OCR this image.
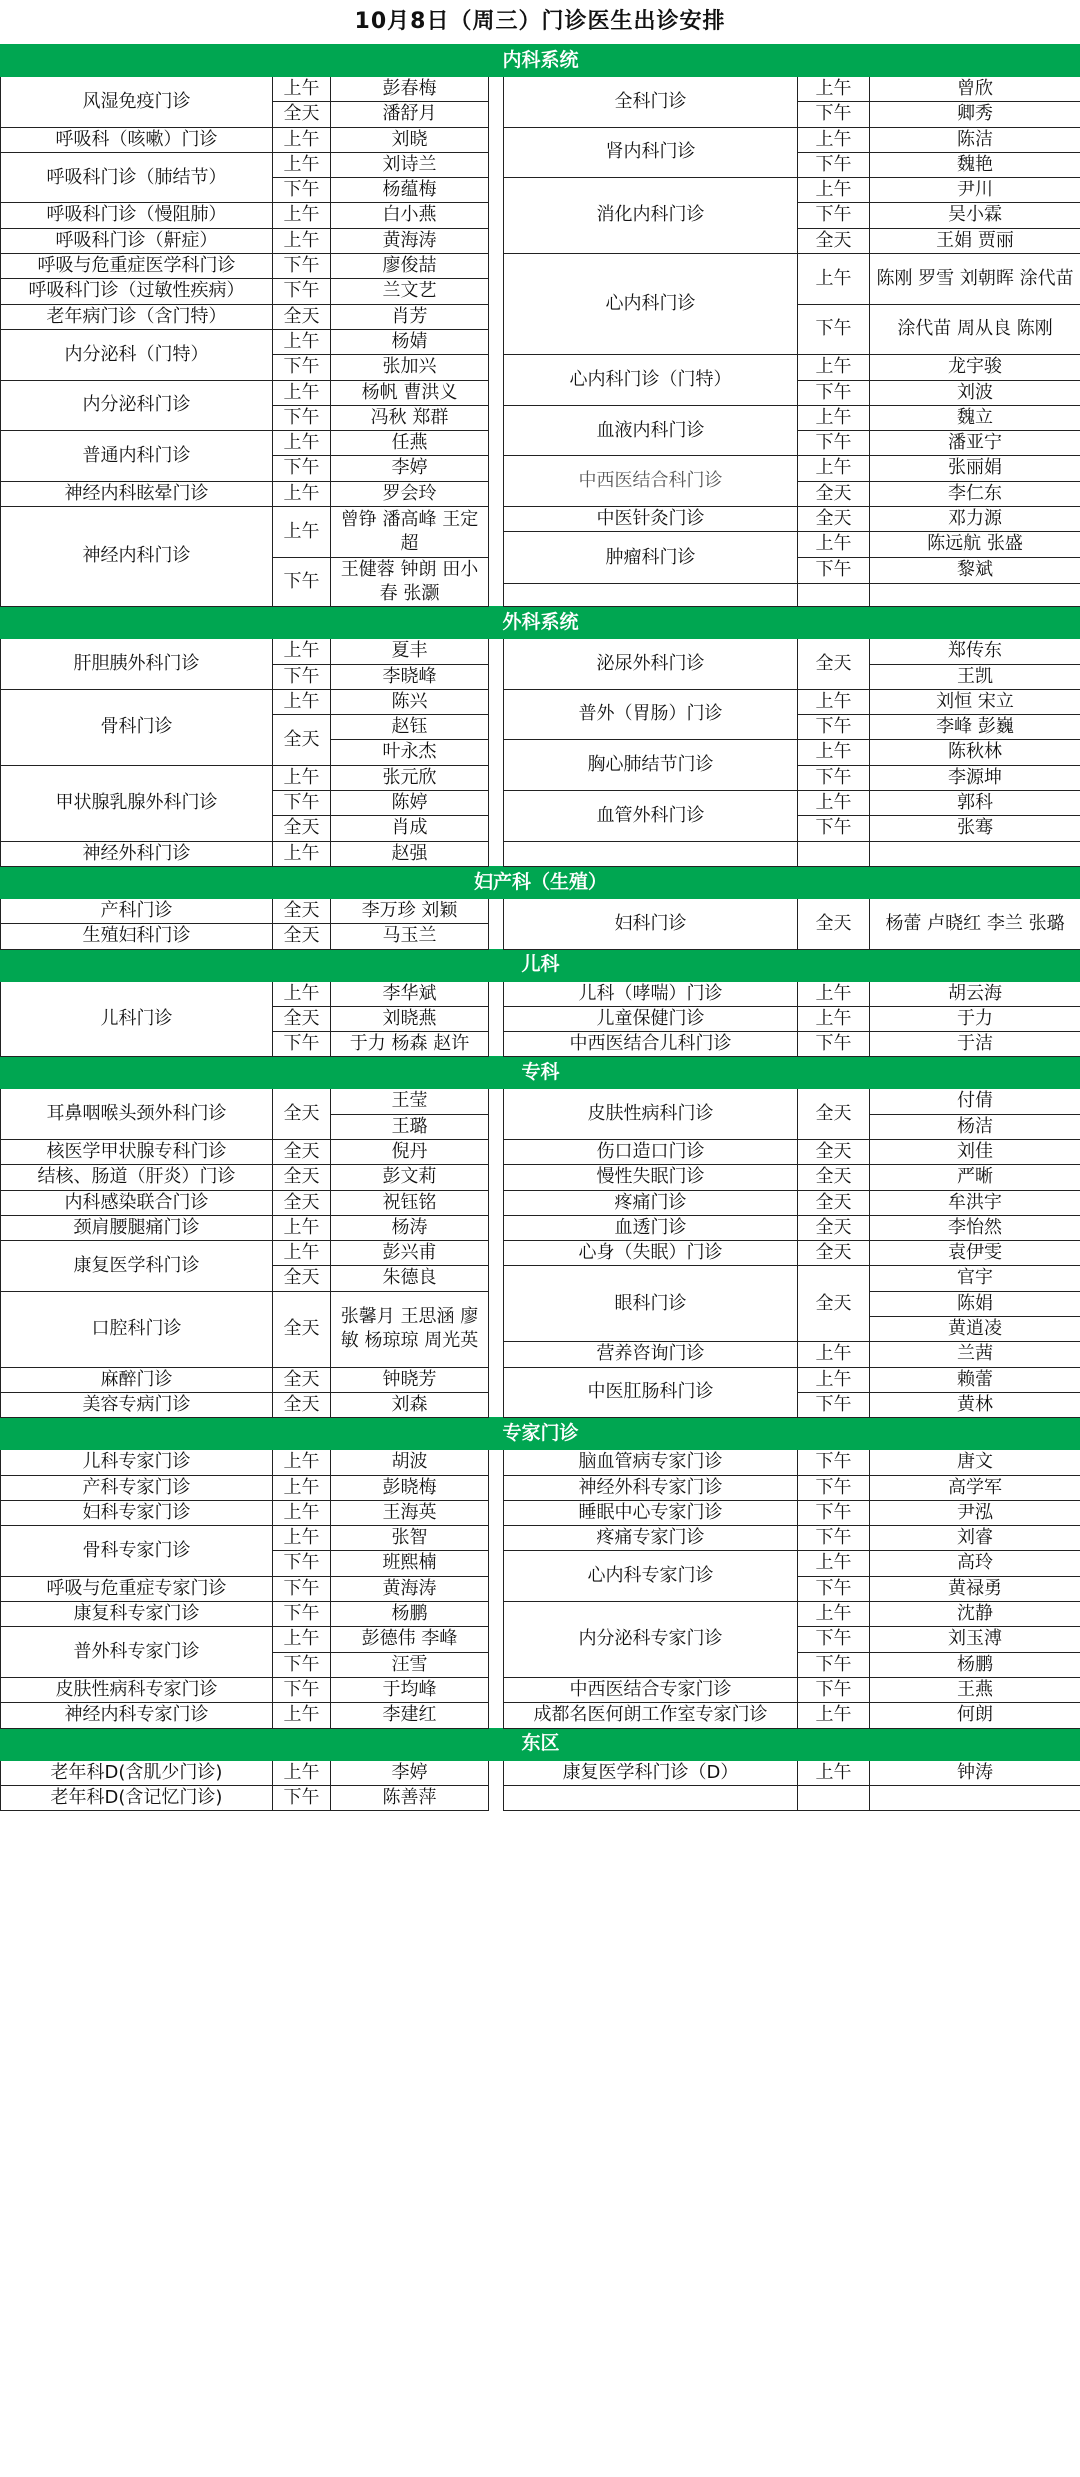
10月8日（周三）门诊医生出诊安排
内科系统						
风湿免疫门诊	上午	彭春梅		全科门诊	上午	曾欣
	全天	潘舒月			下午	卿秀
呼吸科（咳嗽）门诊	上午	刘晓		肾内科门诊	上午	陈洁
呼吸科门诊（肺结节）	上午	刘诗兰			下午	魏艳
	下午	杨蕴梅		消化内科门诊	上午	尹川
呼吸科门诊（慢阻肺）	上午	白小燕			下午	吴小霖
呼吸科门诊（鼾症）	上午	黄海涛			全天	王娟 贾丽
呼吸与危重症医学科门诊	下午	廖俊喆		心内科门诊	上午	陈刚 罗雪 刘朝晖 涂代苗
呼吸科门诊（过敏性疾病）	下午	兰文艺				
老年病门诊（含门特）	全天	肖芳			下午	涂代苗 周从良 陈刚
内分泌科（门特）	上午	杨婧				
	下午	张加兴		心内科门诊（门特）	上午	龙宇骏
内分泌科门诊	上午	杨帆 曹洪义			下午	刘波
	下午	冯秋 郑群		血液内科门诊	上午	魏立
普通内科门诊	上午	任燕			下午	潘亚宁
	下午	李婷		中西医结合科门诊	上午	张丽娟
神经内科眩晕门诊	上午	罗会玲			全天	李仁东
神经内科门诊	上午	曾铮 潘高峰 王定超		中医针灸门诊	全天	邓力源
				肿瘤科门诊	上午	陈远航 张盛
	下午	王健蓉 钟朗 田小春 张灏			下午	黎斌

外科系统						
肝胆胰外科门诊	上午	夏丰		泌尿外科门诊	全天	郑传东
	下午	李晓峰				王凯
骨科门诊	上午	陈兴		普外（胃肠）门诊	上午	刘恒 宋立
	全天	赵钰			下午	李峰 彭巍
		叶永杰		胸心肺结节门诊	上午	陈秋林
甲状腺乳腺外科门诊	上午	张元欣			下午	李源坤
	下午	陈婷		血管外科门诊	上午	郭科
	全天	肖成			下午	张骞
神经外科门诊	上午	赵强				
妇产科（生殖）						
产科门诊	全天	李万珍 刘颖		妇科门诊	全天	杨蕾 卢晓红 李兰 张璐
生殖妇科门诊	全天	马玉兰				
儿科						
儿科门诊	上午	李华斌		儿科（哮喘）门诊	上午	胡云海
	全天	刘晓燕		儿童保健门诊	上午	于力
	下午	于力 杨森 赵许		中西医结合儿科门诊	下午	于洁
专科						
耳鼻咽喉头颈外科门诊	全天	王莹		皮肤性病科门诊	全天	付倩
		王璐				杨洁
核医学甲状腺专科门诊	全天	倪丹		伤口造口门诊	全天	刘佳
结核、肠道（肝炎）门诊	全天	彭文莉		慢性失眠门诊	全天	严晰
内科感染联合门诊	全天	祝钰铭		疼痛门诊	全天	牟洪宇
颈肩腰腿痛门诊	上午	杨涛		血透门诊	全天	李怡然
康复医学科门诊	上午	彭兴甫		心身（失眠）门诊	全天	袁伊雯
	全天	朱德良		眼科门诊	全天	官宇
口腔科门诊	全天	张馨月 王思涵 廖 敏 杨琼琼 周光英				陈娟
						黄逍凌
				营养咨询门诊	上午	兰茜
麻醉门诊	全天	钟晓芳		中医肛肠科门诊	上午	赖蕾
美容专病门诊	全天	刘森			下午	黄林
专家门诊						
儿科专家门诊	上午	胡波		脑血管病专家门诊	下午	唐文
产科专家门诊	上午	彭晓梅		神经外科专家门诊	下午	高学军
妇科专家门诊	上午	王海英		睡眠中心专家门诊	下午	尹泓
骨科专家门诊	上午	张智		疼痛专家门诊	下午	刘睿
	下午	班熙楠		心内科专家门诊	上午	高玲
呼吸与危重症专家门诊	下午	黄海涛			下午	黄禄勇
康复科专家门诊	下午	杨鹏		内分泌科专家门诊	上午	沈静
普外科专家门诊	上午	彭德伟 李峰			下午	刘玉溥
	下午	汪雪			下午	杨鹏
皮肤性病科专家门诊	下午	于均峰		中西医结合专家门诊	下午	王燕
神经内科专家门诊	上午	李建红		成都名医何朗工作室专家门诊	上午	何朗
东区						
老年科D(含肌少门诊)	上午	李婷		康复医学科门诊（D）	上午	钟涛
老年科D(含记忆门诊)	下午	陈善萍				
